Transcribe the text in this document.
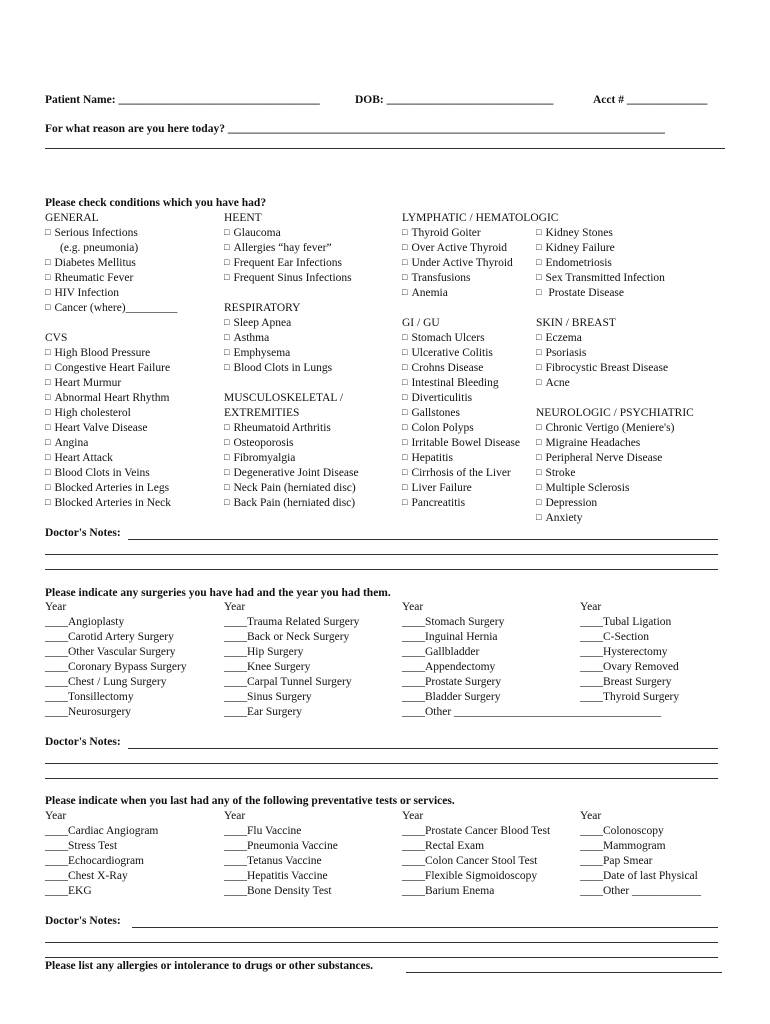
Patient Name: ___________________________________	DOB: _____________________________	Acct # ______________
For what reason are you here today? ____________________________________________________________________________
Please check conditions which you have had?
GENERAL
□ Serious Infections
(e.g. pneumonia)
□ Diabetes Mellitus
□ Rheumatic Fever
□ HIV Infection
□ Cancer (where)_________
CVS
□ High Blood Pressure
□ Congestive Heart Failure
□ Heart Murmur
□ Abnormal Heart Rhythm
□ High cholesterol
□ Heart Valve Disease
□ Angina
□ Heart Attack
□ Blood Clots in Veins
□ Blocked Arteries in Legs
□ Blocked Arteries in Neck
HEENT
□ Glaucoma
□ Allergies “hay fever”
□ Frequent Ear Infections
□ Frequent Sinus Infections
RESPIRATORY
□ Sleep Apnea
□ Asthma
□ Emphysema
□ Blood Clots in Lungs
MUSCULOSKELETAL /
EXTREMITIES
□ Rheumatoid Arthritis
□ Osteoporosis
□ Fibromyalgia
□ Degenerative Joint Disease
□ Neck Pain (herniated disc)
□ Back Pain (herniated disc)
LYMPHATIC / HEMATOLOGIC
□ Thyroid Goiter
□ Over Active Thyroid
□ Under Active Thyroid
□ Transfusions
□ Anemia
GI / GU
□ Stomach Ulcers
□ Ulcerative Colitis
□ Crohns Disease
□ Intestinal Bleeding
□ Diverticulitis
□ Gallstones
□ Colon Polyps
□ Irritable Bowel Disease
□ Hepatitis
□ Cirrhosis of the Liver
□ Liver Failure
□ Pancreatitis
□ Kidney Stones
□ Kidney Failure
□ Endometriosis
□ Sex Transmitted Infection
□ Prostate Disease
SKIN / BREAST
□ Eczema
□ Psoriasis
□ Fibrocystic Breast Disease
□ Acne
NEUROLOGIC / PSYCHIATRIC
□ Chronic Vertigo (Meniere's)
□ Migraine Headaches
□ Peripheral Nerve Disease
□ Stroke
□ Multiple Sclerosis
□ Depression
□ Anxiety
Doctor's Notes:
Please indicate any surgeries you have had and the year you had them.
Year
____Angioplasty
____Carotid Artery Surgery
____Other Vascular Surgery
____Coronary Bypass Surgery
____Chest / Lung Surgery
____Tonsillectomy
____Neurosurgery
Year
____Trauma Related Surgery
____Back or Neck Surgery
____Hip Surgery
____Knee Surgery
____Carpal Tunnel Surgery
____Sinus Surgery
____Ear Surgery
Year
____Stomach Surgery
____Inguinal Hernia
____Gallbladder
____Appendectomy
____Prostate Surgery
____Bladder Surgery
____Other ____________________________________
Year
____Tubal Ligation
____C-Section
____Hysterectomy
____Ovary Removed
____Breast Surgery
____Thyroid Surgery
Doctor's Notes:
Please indicate when you last had any of the following preventative tests or services.
Year
____Cardiac Angiogram
____Stress Test
____Echocardiogram
____Chest X-Ray
____EKG
Year
____Flu Vaccine
____Pneumonia Vaccine
____Tetanus Vaccine
____Hepatitis Vaccine
____Bone Density Test
Year
____Prostate Cancer Blood Test
____Rectal Exam
____Colon Cancer Stool Test
____Flexible Sigmoidoscopy
____Barium Enema
Year
____Colonoscopy
____Mammogram
____Pap Smear
____Date of last Physical
____Other ____________
Doctor's Notes:
Please list any allergies or intolerance to drugs or other substances.
